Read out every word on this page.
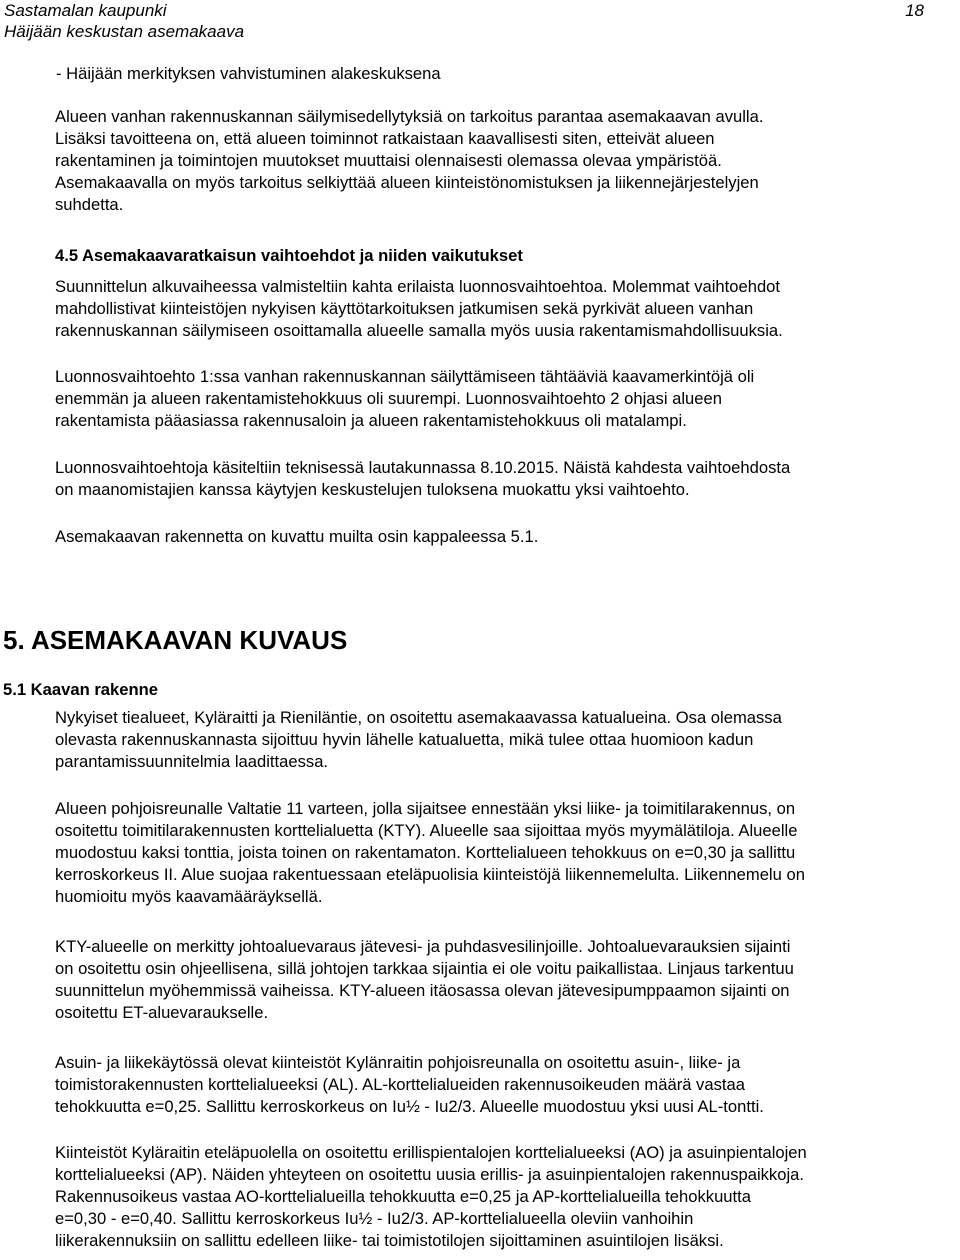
Sastamalan kaupunki
Häijään keskustan asemakaava
18
- Häijään merkityksen vahvistuminen alakeskuksena
Alueen vanhan rakennuskannan säilymisedellytyksiä on tarkoitus parantaa asemakaavan avulla.
Lisäksi tavoitteena on, että alueen toiminnot ratkaistaan kaavallisesti siten, etteivät alueen
rakentaminen ja toimintojen muutokset muuttaisi olennaisesti olemassa olevaa ympäristöä.
Asemakaavalla on myös tarkoitus selkiyttää alueen kiinteistönomistuksen ja liikennejärjestelyjen
suhdetta.
4.5 Asemakaavaratkaisun vaihtoehdot ja niiden vaikutukset
Suunnittelun alkuvaiheessa valmisteltiin kahta erilaista luonnosvaihtoehtoa. Molemmat vaihtoehdot
mahdollistivat kiinteistöjen nykyisen käyttötarkoituksen jatkumisen sekä pyrkivät alueen vanhan
rakennuskannan säilymiseen osoittamalla alueelle samalla myös uusia rakentamismahdollisuuksia.
Luonnosvaihtoehto 1:ssa vanhan rakennuskannan säilyttämiseen tähtääviä kaavamerkintöjä oli
enemmän ja alueen rakentamistehokkuus oli suurempi. Luonnosvaihtoehto 2 ohjasi alueen
rakentamista pääasiassa rakennusaloin ja alueen rakentamistehokkuus oli matalampi.
Luonnosvaihtoehtoja käsiteltiin teknisessä lautakunnassa 8.10.2015. Näistä kahdesta vaihtoehdosta
on maanomistajien kanssa käytyjen keskustelujen tuloksena muokattu yksi vaihtoehto.
Asemakaavan rakennetta on kuvattu muilta osin kappaleessa 5.1.
5. ASEMAKAAVAN KUVAUS
5.1 Kaavan rakenne
Nykyiset tiealueet, Kyläraitti ja Rieniläntie, on osoitettu asemakaavassa katualueina. Osa olemassa
olevasta rakennuskannasta sijoittuu hyvin lähelle katualuetta, mikä tulee ottaa huomioon kadun
parantamissuunnitelmia laadittaessa.
Alueen pohjoisreunalle Valtatie 11 varteen, jolla sijaitsee ennestään yksi liike- ja toimitilarakennus, on
osoitettu toimitilarakennusten korttelialuetta (KTY). Alueelle saa sijoittaa myös myymälätiloja. Alueelle
muodostuu kaksi tonttia, joista toinen on rakentamaton. Korttelialueen tehokkuus on e=0,30 ja sallittu
kerroskorkeus II. Alue suojaa rakentuessaan eteläpuolisia kiinteistöjä liikennemelulta. Liikennemelu on
huomioitu myös kaavamääräyksellä.
KTY-alueelle on merkitty johtoaluevaraus jätevesi- ja puhdasvesilinjoille. Johtoaluevarauksien sijainti
on osoitettu osin ohjeellisena, sillä johtojen tarkkaa sijaintia ei ole voitu paikallistaa. Linjaus tarkentuu
suunnittelun myöhemmissä vaiheissa. KTY-alueen itäosassa olevan jätevesipumppaamon sijainti on
osoitettu ET-aluevaraukselle.
Asuin- ja liikekäytössä olevat kiinteistöt Kylänraitin pohjoisreunalla on osoitettu asuin-, liike- ja
toimistorakennusten korttelialueeksi (AL). AL-korttelialueiden rakennusoikeuden määrä vastaa
tehokkuutta e=0,25. Sallittu kerroskorkeus on Iu½ - Iu2/3. Alueelle muodostuu yksi uusi AL-tontti.
Kiinteistöt Kyläraitin eteläpuolella on osoitettu erillispientalojen korttelialueeksi (AO) ja asuinpientalojen
korttelialueeksi (AP). Näiden yhteyteen on osoitettu uusia erillis- ja asuinpientalojen rakennuspaikkoja.
Rakennusoikeus vastaa AO-korttelialueilla tehokkuutta e=0,25 ja AP-korttelialueilla tehokkuutta
e=0,30 - e=0,40. Sallittu kerroskorkeus Iu½ - Iu2/3. AP-korttelialueella oleviin vanhoihin
liikerakennuksiin on sallittu edelleen liike- tai toimistotilojen sijoittaminen asuintilojen lisäksi.
